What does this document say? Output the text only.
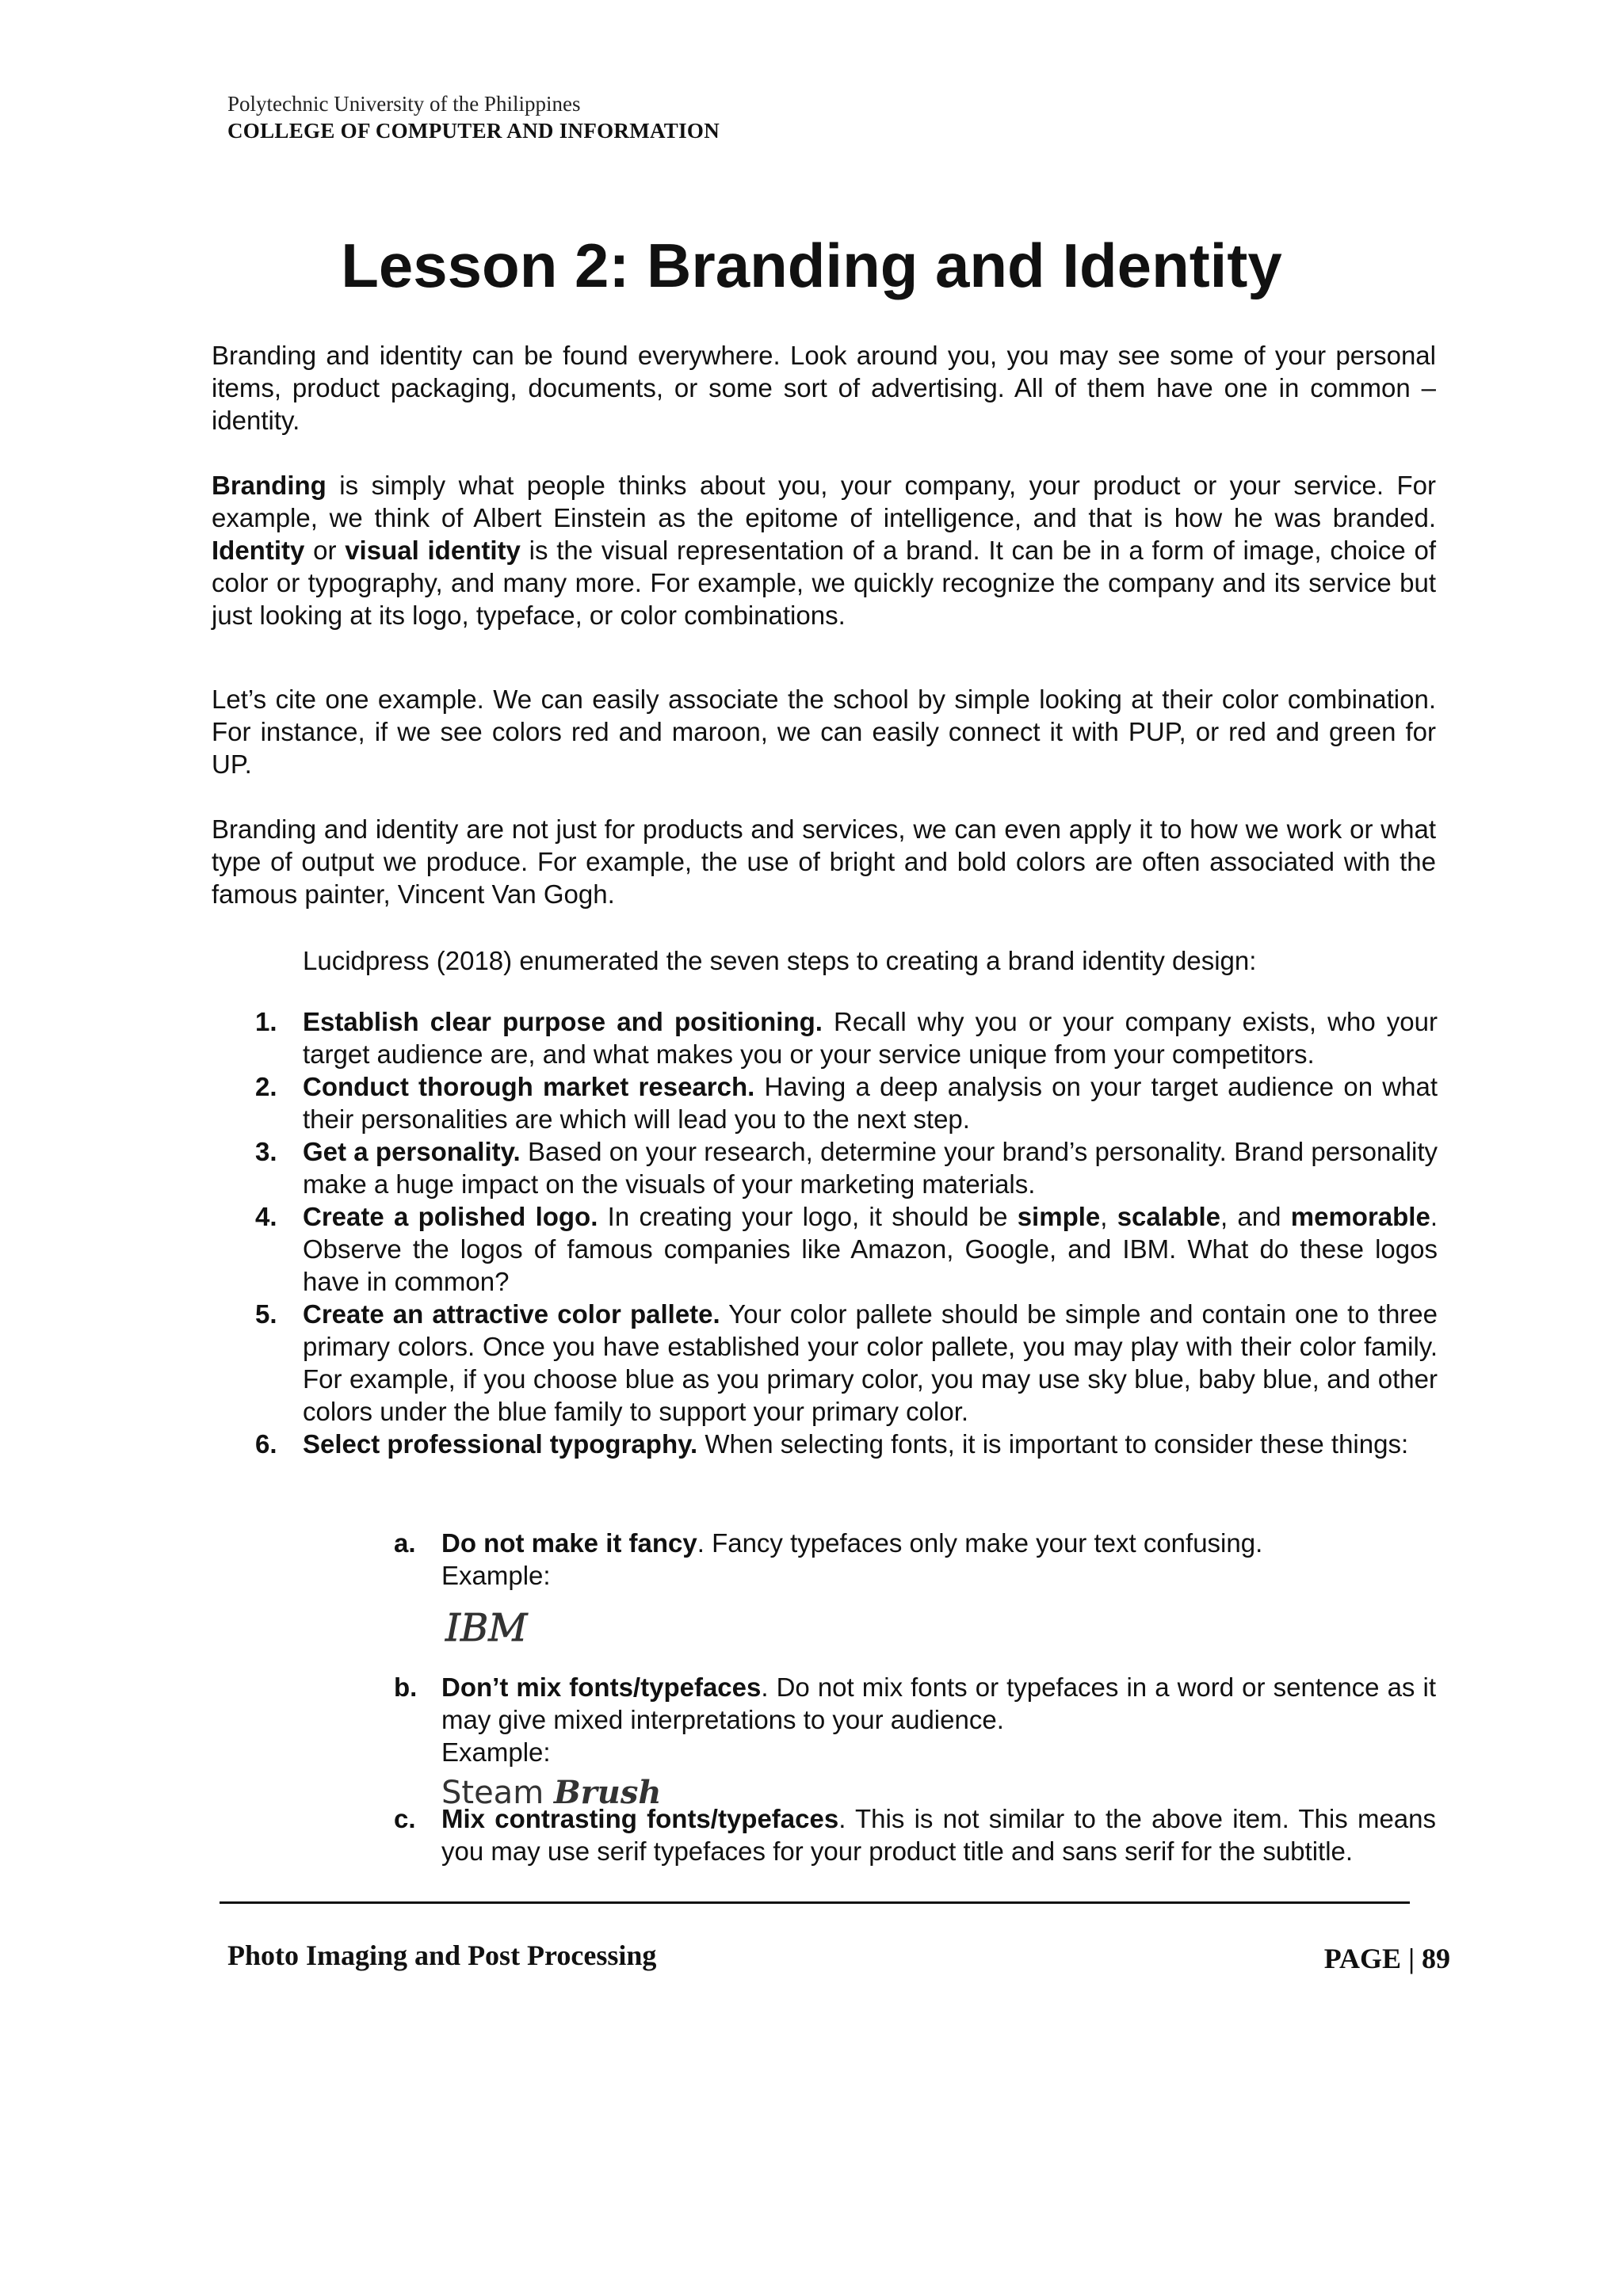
Polytechnic University of the Philippines
COLLEGE OF COMPUTER AND INFORMATION
Lesson 2: Branding and Identity

Branding and identity can be found everywhere. Look around you, you may see some of your personal items, product packaging, documents, or some sort of advertising. All of them have one in common – identity.

Branding is simply what people thinks about you, your company, your product or your service. For example, we think of Albert Einstein as the epitome of intelligence, and that is how he was branded. Identity or visual identity is the visual representation of a brand. It can be in a form of image, choice of color or typography, and many more. For example, we quickly recognize the company and its service but just looking at its logo, typeface, or color combinations.

Let’s cite one example. We can easily associate the school by simple looking at their color combination. For instance, if we see colors red and maroon, we can easily connect it with PUP, or red and green for UP.

Branding and identity are not just for products and services, we can even apply it to how we work or what type of output we produce. For example, the use of bright and bold colors are often associated with the famous painter, Vincent Van Gogh.

Lucidpress (2018) enumerated the seven steps to creating a brand identity design:

1. Establish clear purpose and positioning. Recall why you or your company exists, who your target audience are, and what makes you or your service unique from your competitors.
2. Conduct thorough market research. Having a deep analysis on your target audience on what their personalities are which will lead you to the next step.
3. Get a personality. Based on your research, determine your brand’s personality. Brand personality make a huge impact on the visuals of your marketing materials.
4. Create a polished logo. In creating your logo, it should be simple, scalable, and memorable. Observe the logos of famous companies like Amazon, Google, and IBM. What do these logos have in common?
5. Create an attractive color pallete. Your color pallete should be simple and contain one to three primary colors. Once you have established your color pallete, you may play with their color family. For example, if you choose blue as you primary color, you may use sky blue, baby blue, and other colors under the blue family to support your primary color.
6. Select professional typography. When selecting fonts, it is important to consider these things:
a. Do not make it fancy. Fancy typefaces only make your text confusing.
Example:
IBM
b. Don’t mix fonts/typefaces. Do not mix fonts or typefaces in a word or sentence as it may give mixed interpretations to your audience.
Example:
Steam Brush
c. Mix contrasting fonts/typefaces. This is not similar to the above item. This means you may use serif typefaces for your product title and sans serif for the subtitle.
Photo Imaging and Post Processing	PAGE | 89
